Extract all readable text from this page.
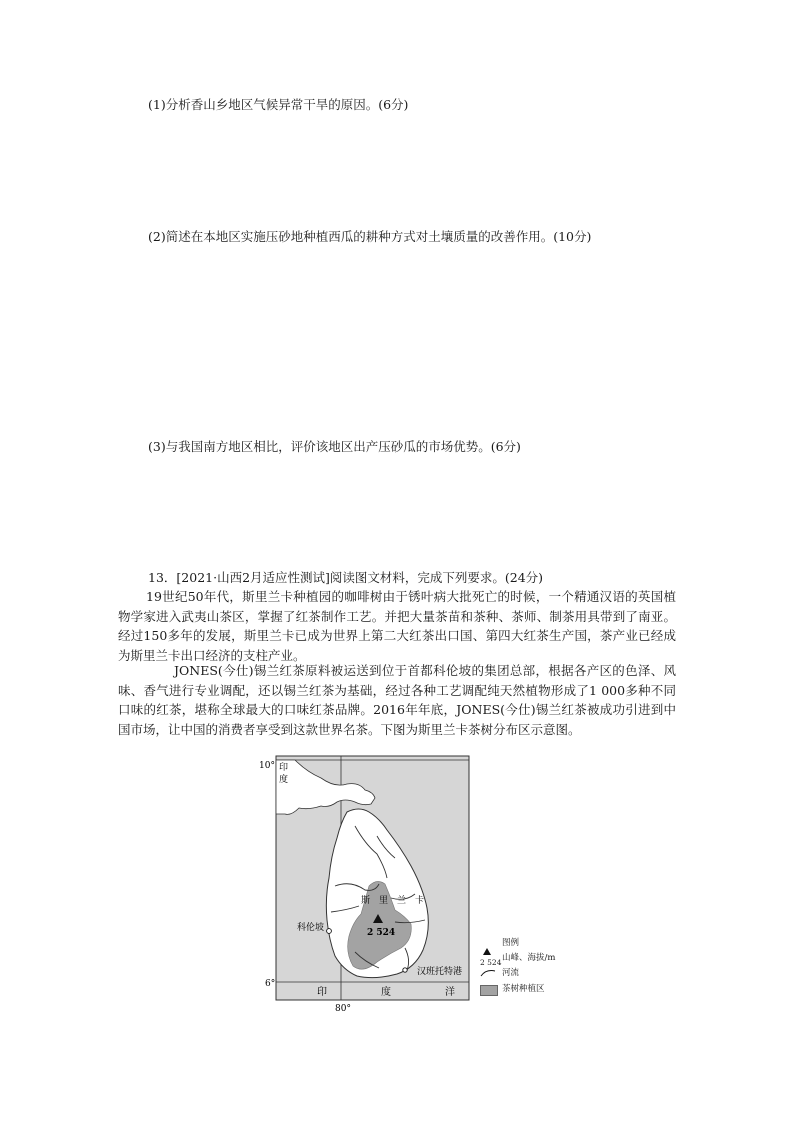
(1)分析香山乡地区气候异常干旱的原因。(6分)
(2)简述在本地区实施压砂地种植西瓜的耕种方式对土壤质量的改善作用。(10分)
(3)与我国南方地区相比，评价该地区出产压砂瓜的市场优势。(6分)
13．[2021·山西2月适应性测试]阅读图文材料，完成下列要求。(24分)
19世纪50年代，斯里兰卡种植园的咖啡树由于锈叶病大批死亡的时候，一个精通汉语的英国植物学家进入武夷山茶区，掌握了红茶制作工艺。并把大量茶苗和茶种、茶师、制茶用具带到了南亚。经过150多年的发展，斯里兰卡已成为世界上第二大红茶出口国、第四大红茶生产国，茶产业已经成为斯里兰卡出口经济的支柱产业。
JONES(今仕)锡兰红茶原料被运送到位于首都科伦坡的集团总部，根据各产区的色泽、风味、香气进行专业调配，还以锡兰红茶为基础，经过各种工艺调配纯天然植物形成了1 000多种不同口味的红茶，堪称全球最大的口味红茶品牌。2016年年底，JONES(今仕)锡兰红茶被成功引进到中国市场，让中国的消费者享受到这款世界名茶。下图为斯里兰卡茶树分布区示意图。
10°
6°
80°
印
度
印	度	洋
斯 里 兰 卡
2 524
科伦坡
汉班托特港
图例
2 524 山峰、海拔/m
河流
茶树种植区
